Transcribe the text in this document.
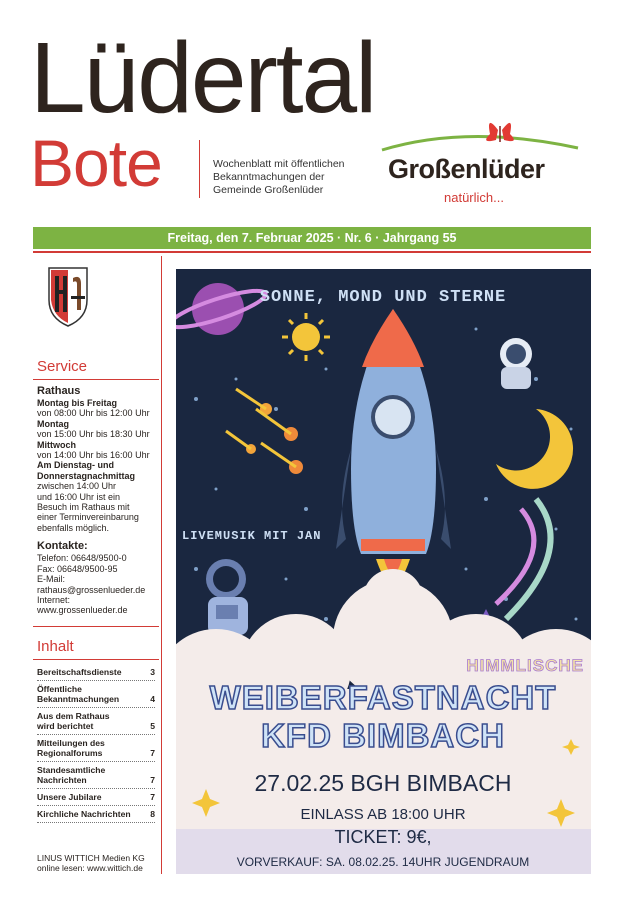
Lüdertal
Bote	Wochenblatt mit öffentlichen
Bekanntmachungen der
Gemeinde Großenlüder
Großenlüder
natürlich...
Freitag, den 7. Februar 2025 · Nr. 6 · Jahrgang 55
Service
Rathaus
Montag bis Freitag
von 08:00 Uhr bis 12:00 Uhr
Montag
von 15:00 Uhr bis 18:30 Uhr
Mittwoch
von 14:00 Uhr bis 16:00 Uhr
Am Dienstag- und
Donnerstagnachmittag
zwischen 14:00 Uhr
und 16:00 Uhr ist ein
Besuch im Rathaus mit
einer Terminvereinbarung
ebenfalls möglich.
Kontakte:
Telefon: 06648/9500-0
Fax: 06648/9500-95
E-Mail:
rathaus@grossenlueder.de
Internet:
www.grossenlueder.de
Inhalt
Bereitschaftsdienste	3
Öffentliche
Bekanntmachungen	4
Aus dem Rathaus
wird berichtet	5
Mitteilungen des
Regionalforums	7
Standesamtliche
Nachrichten	7
Unsere Jubilare	7
Kirchliche Nachrichten	8
LINUS WITTICH Medien KG
online lesen: www.wittich.de
SONNE, MOND UND STERNE
LIVEMUSIK MIT JAN
HIMMLISCHE
WEIBERFASTNACHT
KFD BIMBACH
27.02.25 BGH BIMBACH
EINLASS AB 18:00 UHR
TICKET: 9€,
VORVERKAUF: SA. 08.02.25. 14UHR JUGENDRAUM
